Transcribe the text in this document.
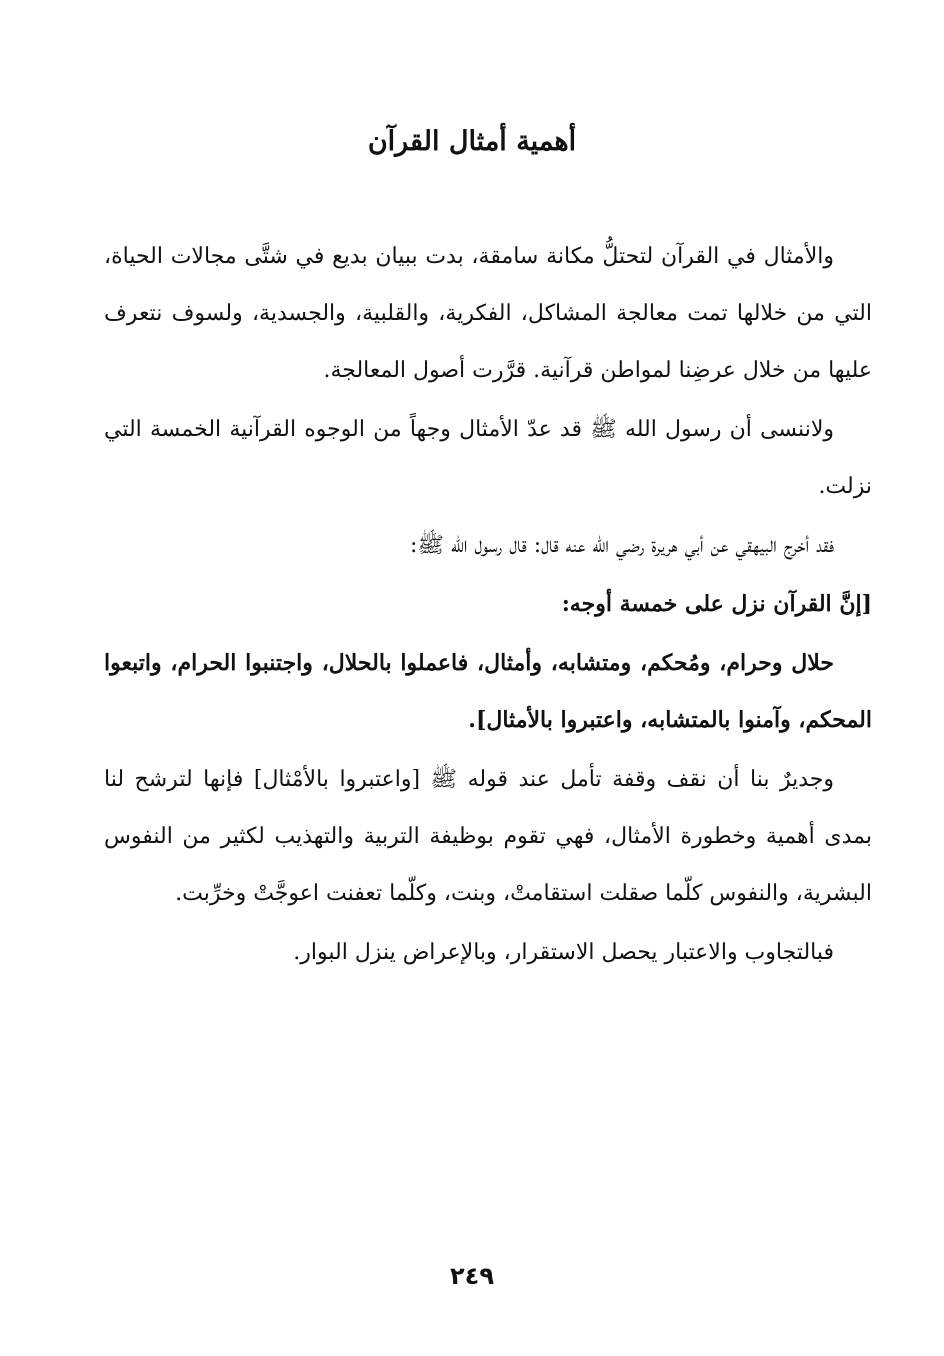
أهمية أمثال القرآن

والأمثال في القرآن لتحتلُّ مكانة سامقة، بدت ببيان بديع في شتَّى مجالات الحياة، التي من خلالها تمت معالجة المشاكل، الفكرية، والقلبية، والجسدية، ولسوف نتعرف عليها من خلال عرضِنا لمواطن قرآنية. قرَّرت أصول المعالجة.

ولاننسى أن رسول الله ﷺ قد عدّ الأمثال وجهاً من الوجوه القرآنية الخمسة التي نزلت.

فقد أخرج البيهقي عن أبي هريرة رضي الله عنه قال: قال رسول الله ﷺ:

[إنَّ القرآن نزل على خمسة أوجه:

حلال وحرام، ومُحكم، ومتشابه، وأمثال، فاعملوا بالحلال، واجتنبوا الحرام، واتبعوا المحكم، وآمنوا بالمتشابه، واعتبروا بالأمثال].

وجديرٌ بنا أن نقف وقفة تأمل عند قوله ﷺ [واعتبروا بالأمْثال] فإنها لترشح لنا بمدى أهمية وخطورة الأمثال، فهي تقوم بوظيفة التربية والتهذيب لكثير من النفوس البشرية، والنفوس كلّما صقلت استقامتْ، وبنت، وكلّما تعفنت اعوجَّتْ وخرِّبت.

فبالتجاوب والاعتبار يحصل الاستقرار، وبالإعراض ينزل البوار.

٢٤٩
